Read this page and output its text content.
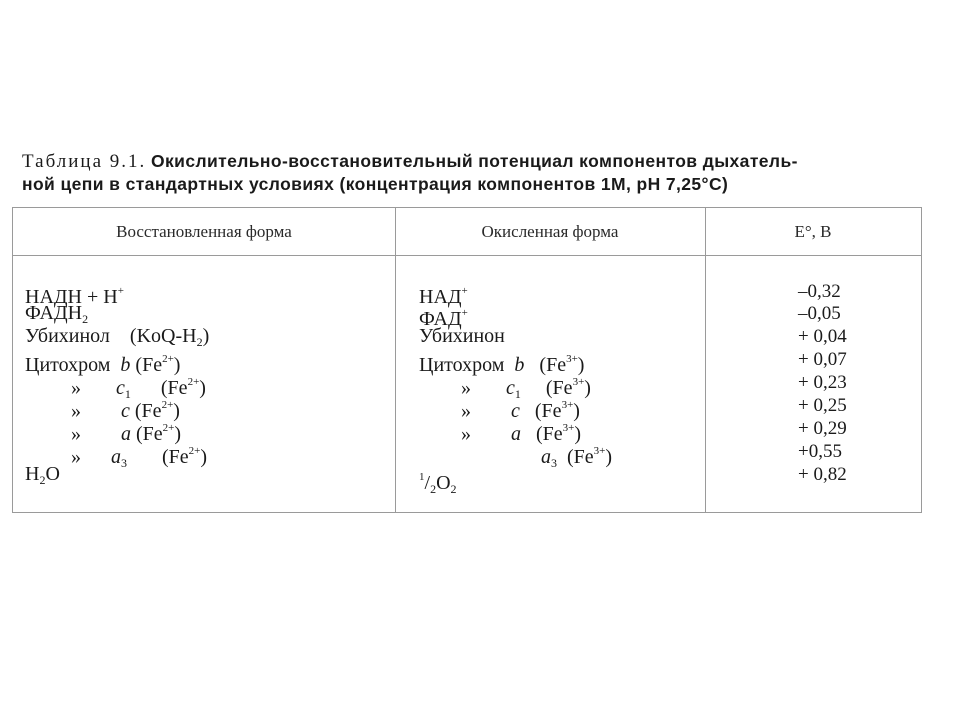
Таблица 9.1. Окислительно-восстановительный потенциал компонентов дыхатель-
ной цепи в стандартных условиях (концентрация компонентов 1М, pH 7,25°С)
Восстановленная форма	Окисленная форма	E°, В
НАДН + Н+
$ФАДН_2$
Убихинол $(KoQ-H_2)$
Цитохром b $(Fe^{2+})$
» $c_1$ $(Fe^{2+})$
» c $(Fe^{2+})$
» a $(Fe^{2+})$
» $a_3$ $(Fe^{2+})$
$H_2O$
НАД+
ФАД+
Убихинон
Цитохром b $(Fe^{3+})$
» $c_1$ $(Fe^{3+})$
» c $(Fe^{3+})$
» a $(Fe^{3+})$
$a_3$ $(Fe^{3+})$
$^1/_2O_2$
–0,32
–0,05
+ 0,04
+ 0,07
+ 0,23
+ 0,25
+ 0,29
+0,55
+ 0,82
